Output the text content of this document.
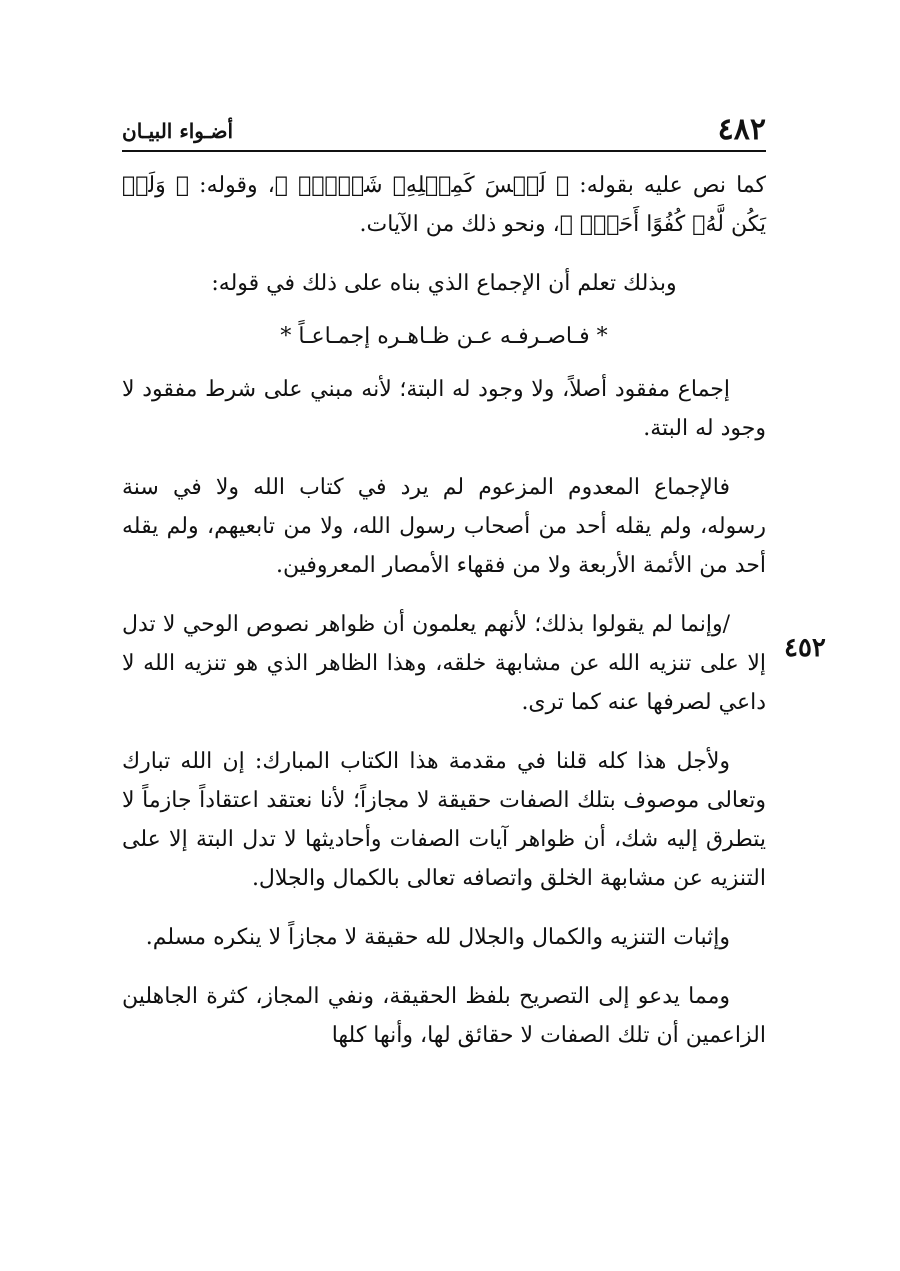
٤٨٢
أضـواء البيـان
٤٥٢

كما نص عليه بقوله: ﴿ لَيۡسَ كَمِثۡلِهِۦ شَيۡءٞۖ ﴾، وقوله: ﴿ وَلَمۡ يَكُن لَّهُۥ كُفُوًا أَحَدُۢ ﴾، ونحو ذلك من الآيات.

وبذلك تعلم أن الإجماع الذي بناه على ذلك في قوله:

* فـاصـرفـه عـن ظـاهـره إجمـاعـاً *

إجماع مفقود أصلاً، ولا وجود له البتة؛ لأنه مبني على شرط مفقود لا وجود له البتة.

فالإجماع المعدوم المزعوم لم يرد في كتاب الله ولا في سنة رسوله، ولم يقله أحد من أصحاب رسول الله، ولا من تابعيهم، ولم يقله أحد من الأئمة الأربعة ولا من فقهاء الأمصار المعروفين.

/وإنما لم يقولوا بذلك؛ لأنهم يعلمون أن ظواهر نصوص الوحي لا تدل إلا على تنزيه الله عن مشابهة خلقه، وهذا الظاهر الذي هو تنزيه الله لا داعي لصرفها عنه كما ترى.

ولأجل هذا كله قلنا في مقدمة هذا الكتاب المبارك: إن الله تبارك وتعالى موصوف بتلك الصفات حقيقة لا مجازاً؛ لأنا نعتقد اعتقاداً جازماً لا يتطرق إليه شك، أن ظواهر آيات الصفات وأحاديثها لا تدل البتة إلا على التنزيه عن مشابهة الخلق واتصافه تعالى بالكمال والجلال.

وإثبات التنزيه والكمال والجلال لله حقيقة لا مجازاً لا ينكره مسلم.

ومما يدعو إلى التصريح بلفظ الحقيقة، ونفي المجاز، كثرة الجاهلين الزاعمين أن تلك الصفات لا حقائق لها، وأنها كلها
